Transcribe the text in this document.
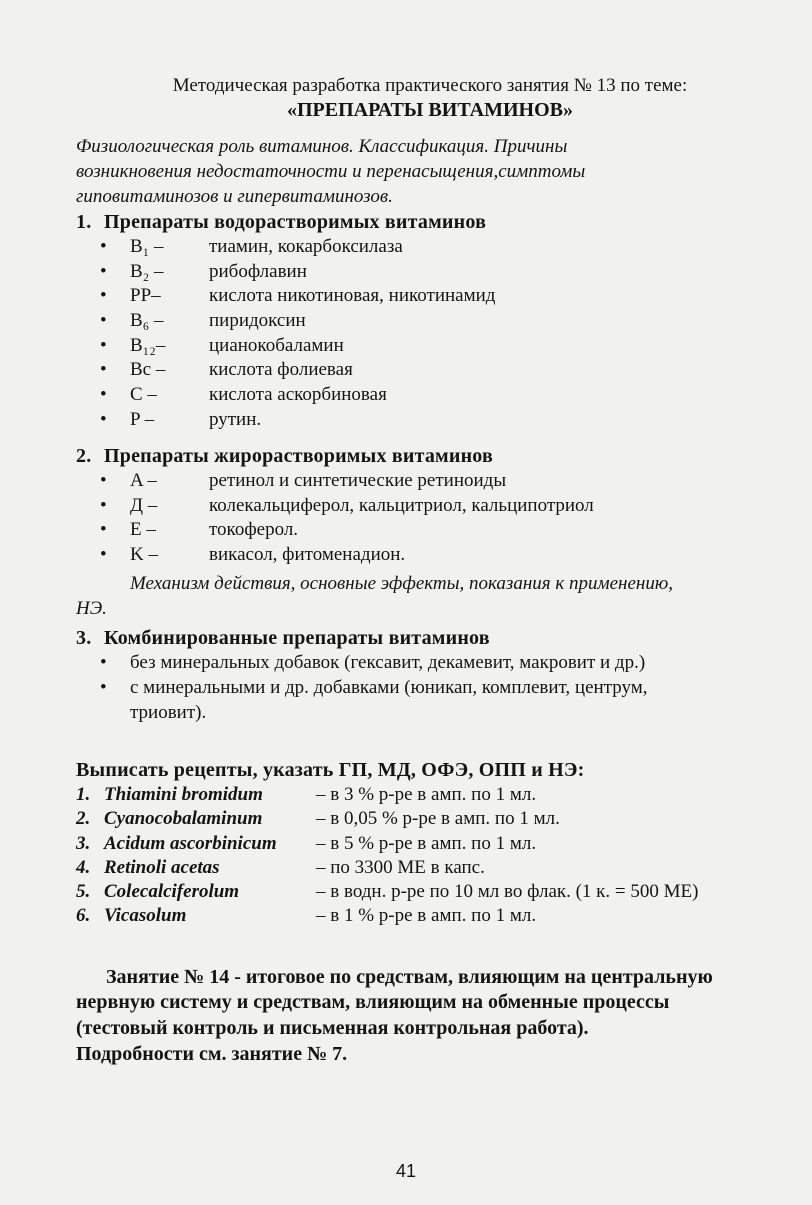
Методическая разработка практического занятия № 13 по теме:
«ПРЕПАРАТЫ ВИТАМИНОВ»
Физиологическая роль витаминов. Классификация. Причины
возникновения недостаточности и перенасыщения,симптомы
гиповитаминозов и гипервитаминозов.
1. Препараты водорастворимых витаминов
• B₁ – тиамин, кокарбоксилаза
• B₂ – рибофлавин
• PP–	кислота никотиновая, никотинамид
• B₆ – пиридоксин
• B₁₂– цианокобаламин
• Bс – кислота фолиевая
• C –	кислота аскорбиновая
• P –	рутин.
2. Препараты жирорастворимых витаминов
• A –	ретинол и синтетические ретиноиды
• Д –	колекальциферол, кальцитриол, кальципотриол
• E –	токоферол.
• K –	викасол, фитоменадион.
Механизм действия, основные эффекты, показания к применению,
НЭ.
3. Комбинированные препараты витаминов
• без минеральных добавок (гексавит, декамевит, макровит и др.)
• с минеральными и др. добавками (юникап, комплевит, центрум,
триовит).
Выписать рецепты, указать ГП, МД, ОФЭ, ОПП и НЭ:
1. Thiamini bromidum	– в 3 % р-ре в амп. по 1 мл.
2. Cyanocobalaminum	– в 0,05 % р-ре в амп. по 1 мл.
3. Acidum ascorbinicum – в 5 % р-ре в амп. по 1 мл.
4. Retinoli acetas	– по 3300 МЕ в капс.
5. Colecalciferolum	– в водн. р-ре по 10 мл во флак. (1 к. = 500 МЕ)
6. Vicasolum	– в 1 % р-ре в амп. по 1 мл.
Занятие № 14 - итоговое по средствам, влияющим на центральную
нервную систему и средствам, влияющим на обменные процессы
(тестовый контроль и письменная контрольная работа).
Подробности см. занятие № 7.
41
